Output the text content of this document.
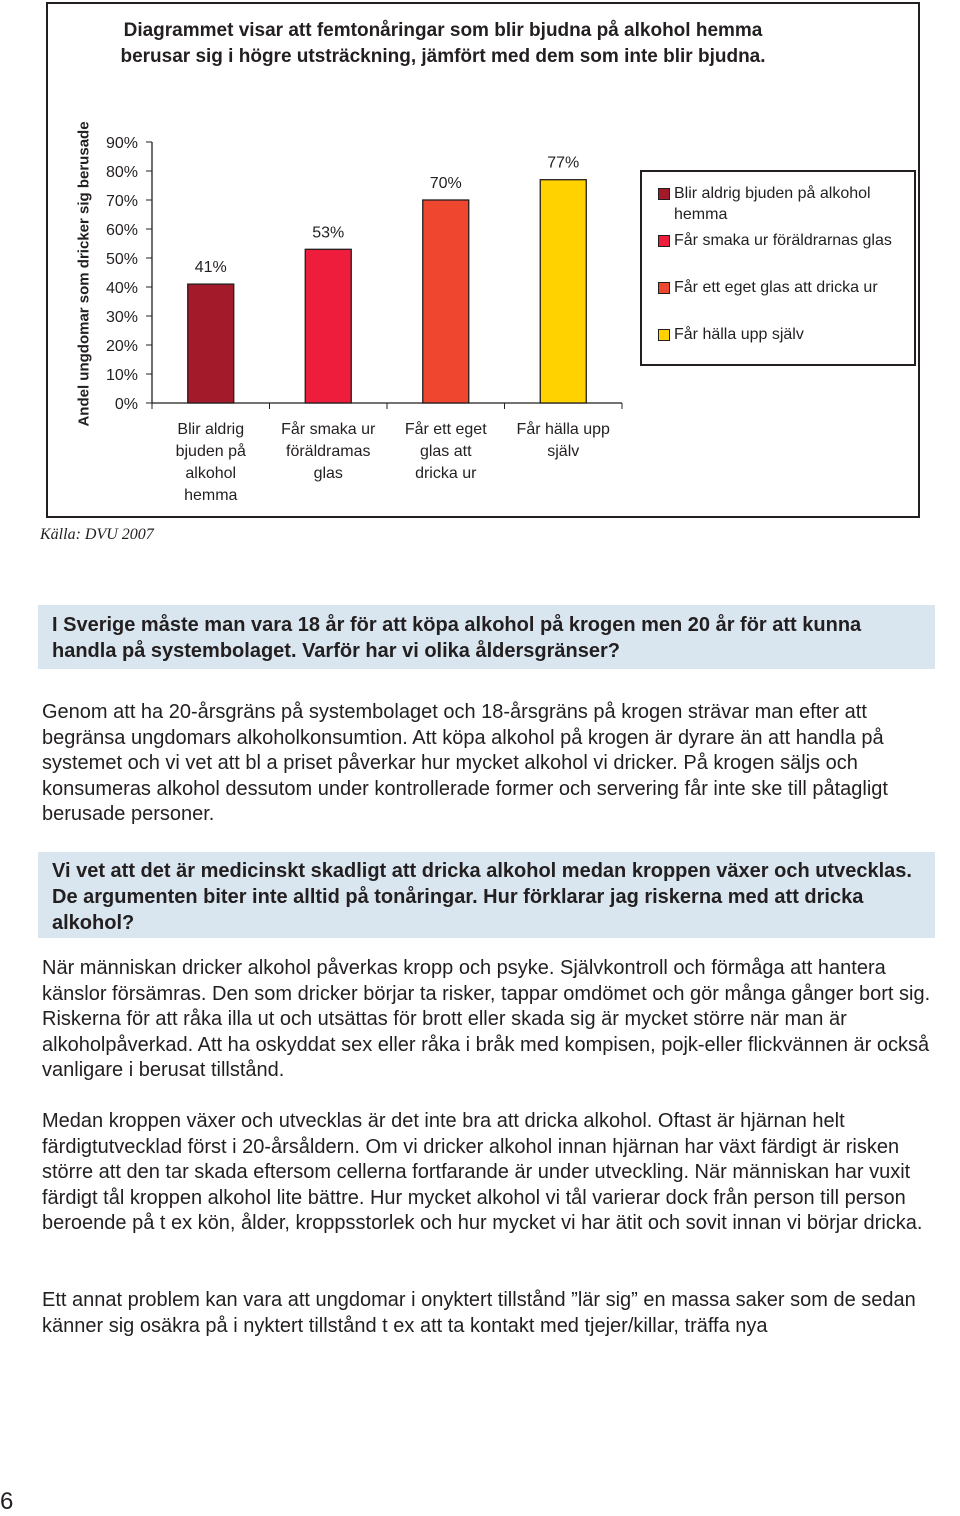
Diagrammet visar att femtonåringar som blir bjudna på alkohol hemma berusar sig i högre utsträckning, jämfört med dem som inte blir bjudna.
Andel ungdomar som dricker sig berusade 0%
10%
20%
30%
40%
50%
60%
70%
80%
90%
41%
Blir aldrig
bjuden på
alkohol
hemma
53%
Får smaka ur
föräldramas
glas
70%
Får ett eget
glas att
dricka ur
77%
Får hälla upp
själv
Blir aldrig bjuden på alkohol
hemma
Får smaka ur föräldrarnas glas
Får ett eget glas att dricka ur
Får hälla upp själv

Källa: DVU 2007

I Sverige måste man vara 18 år för att köpa alkohol på krogen men 20 år för att kunna handla på systembolaget. Varför har vi olika åldersgränser?

Genom att ha 20-årsgräns på systembolaget och 18-årsgräns på krogen strävar man efter att begränsa ungdomars alkoholkonsumtion. Att köpa alkohol på krogen är dyrare än att handla på systemet och vi vet att bl a priset påverkar hur mycket alkohol vi dricker. På krogen säljs och konsumeras alkohol dessutom under kontrollerade former och servering får inte ske till påtagligt berusade personer.

Vi vet att det är medicinskt skadligt att dricka alkohol medan kroppen växer och utvecklas. De argumenten biter inte alltid på tonåringar. Hur förklarar jag riskerna med att dricka alkohol?

När människan dricker alkohol påverkas kropp och psyke. Självkontroll och förmåga att hantera känslor försämras. Den som dricker börjar ta risker, tappar omdömet och gör många gånger bort sig. Riskerna för att råka illa ut och utsättas för brott eller skada sig är mycket större när man är alkoholpåverkad. Att ha oskyddat sex eller råka i bråk med kompisen, pojk-eller flickvännen är också vanligare i berusat tillstånd.

Medan kroppen växer och utvecklas är det inte bra att dricka alkohol. Oftast är hjärnan helt färdigtutvecklad först i 20-årsåldern. Om vi dricker alkohol innan hjärnan har växt färdigt är risken större att den tar skada eftersom cellerna fortfarande är under utveckling. När människan har vuxit färdigt tål kroppen alkohol lite bättre. Hur mycket alkohol vi tål varierar dock från person till person beroende på t ex kön, ålder, kroppsstorlek och hur mycket vi har ätit och sovit innan vi börjar dricka.

Ett annat problem kan vara att ungdomar i onyktert tillstånd ”lär sig” en massa saker som de sedan känner sig osäkra på i nyktert tillstånd t ex att ta kontakt med tjejer/killar, träffa nya

6
